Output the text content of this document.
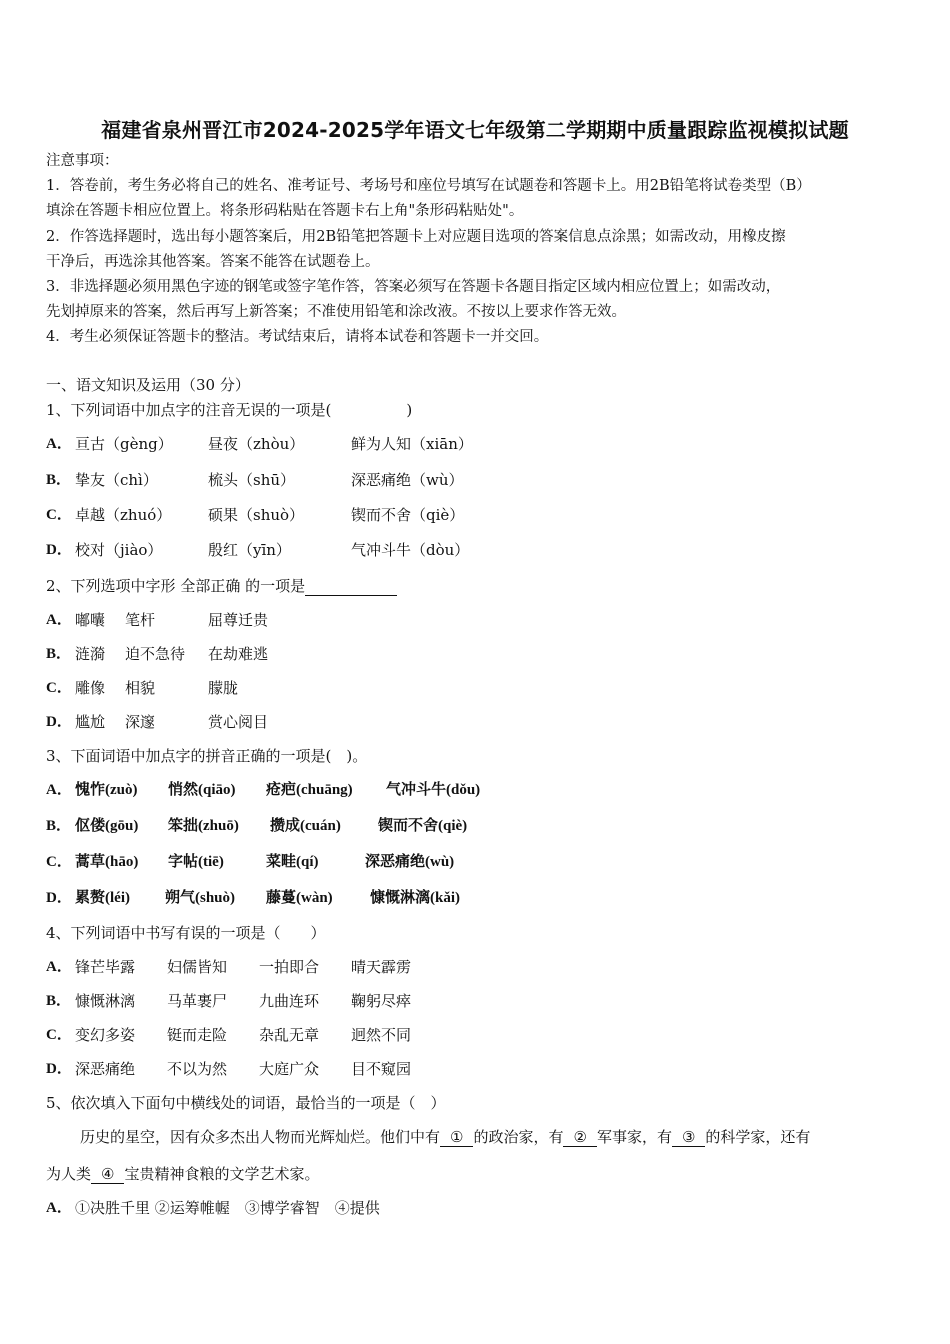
福建省泉州晋江市2024-2025学年语文七年级第二学期期中质量跟踪监视模拟试题
注意事项：
1．答卷前，考生务必将自己的姓名、准考证号、考场号和座位号填写在试题卷和答题卡上。用2B铅笔将试卷类型（B）
填涂在答题卡相应位置上。将条形码粘贴在答题卡右上角"条形码粘贴处"。
2．作答选择题时，选出每小题答案后，用2B铅笔把答题卡上对应题目选项的答案信息点涂黑；如需改动，用橡皮擦
干净后，再选涂其他答案。答案不能答在试题卷上。
3．非选择题必须用黑色字迹的钢笔或签字笔作答，答案必须写在答题卡各题目指定区域内相应位置上；如需改动，
先划掉原来的答案，然后再写上新答案；不准使用铅笔和涂改液。不按以上要求作答无效。
4．考生必须保证答题卡的整洁。考试结束后，请将本试卷和答题卡一并交回。
一、语文知识及运用（30 分）
1、下列词语中加点字的注音无误的一项是(　　　　　)
A． 亘古（gèng） 昼夜（zhòu）	鲜为人知（xiān）
B． 挚友（chì）	梳头（shū）	深恶痛绝（wù）
C． 卓越（zhuó） 硕果（shuò）	锲而不舍（qiè）
D． 校对（jiào）	殷红（yīn）	气冲斗牛（dòu）
2、下列选项中字形 全部正确 的一项是
A． 嘟囔 笔杆	屈尊迁贵
B． 涟漪 迫不急待 在劫难逃
C． 雕像 相貌	朦胧
D． 尴尬 深邃	赏心阅目
3、下面词语中加点字的拼音正确的一项是(　)。
A． 愧怍(zuò) 悄然(qiāo) 疮疤(chuāng) 气冲斗牛(dǒu)
B． 伛偻(gōu) 笨拙(zhuō) 攒成(cuán) 锲而不舍(qiè)
C． 蒿草(hāo) 字帖(tiē)	菜畦(qí)	深恶痛绝(wù)
D． 累赘(léi) 朔气(shuò) 藤蔓(wàn) 慷慨淋漓(kǎi)
4、下列词语中书写有误的一项是（　　）
A． 锋芒毕露 妇儒皆知 一拍即合 晴天霹雳
B． 慷慨淋漓 马革裹尸 九曲连环 鞠躬尽瘁
C． 变幻多姿 铤而走险 杂乱无章 迥然不同
D． 深恶痛绝 不以为然 大庭广众 目不窥园
5、依次填入下面句中横线处的词语，最恰当的一项是（　）
历史的星空，因有众多杰出人物而光辉灿烂。他们中有 ① 的政治家，有 ② 军事家，有 ③ 的科学家，还有
为人类 ④ 宝贵精神食粮的文学艺术家。
A． ①决胜千里 ②运筹帷幄　③博学睿智　④提供
